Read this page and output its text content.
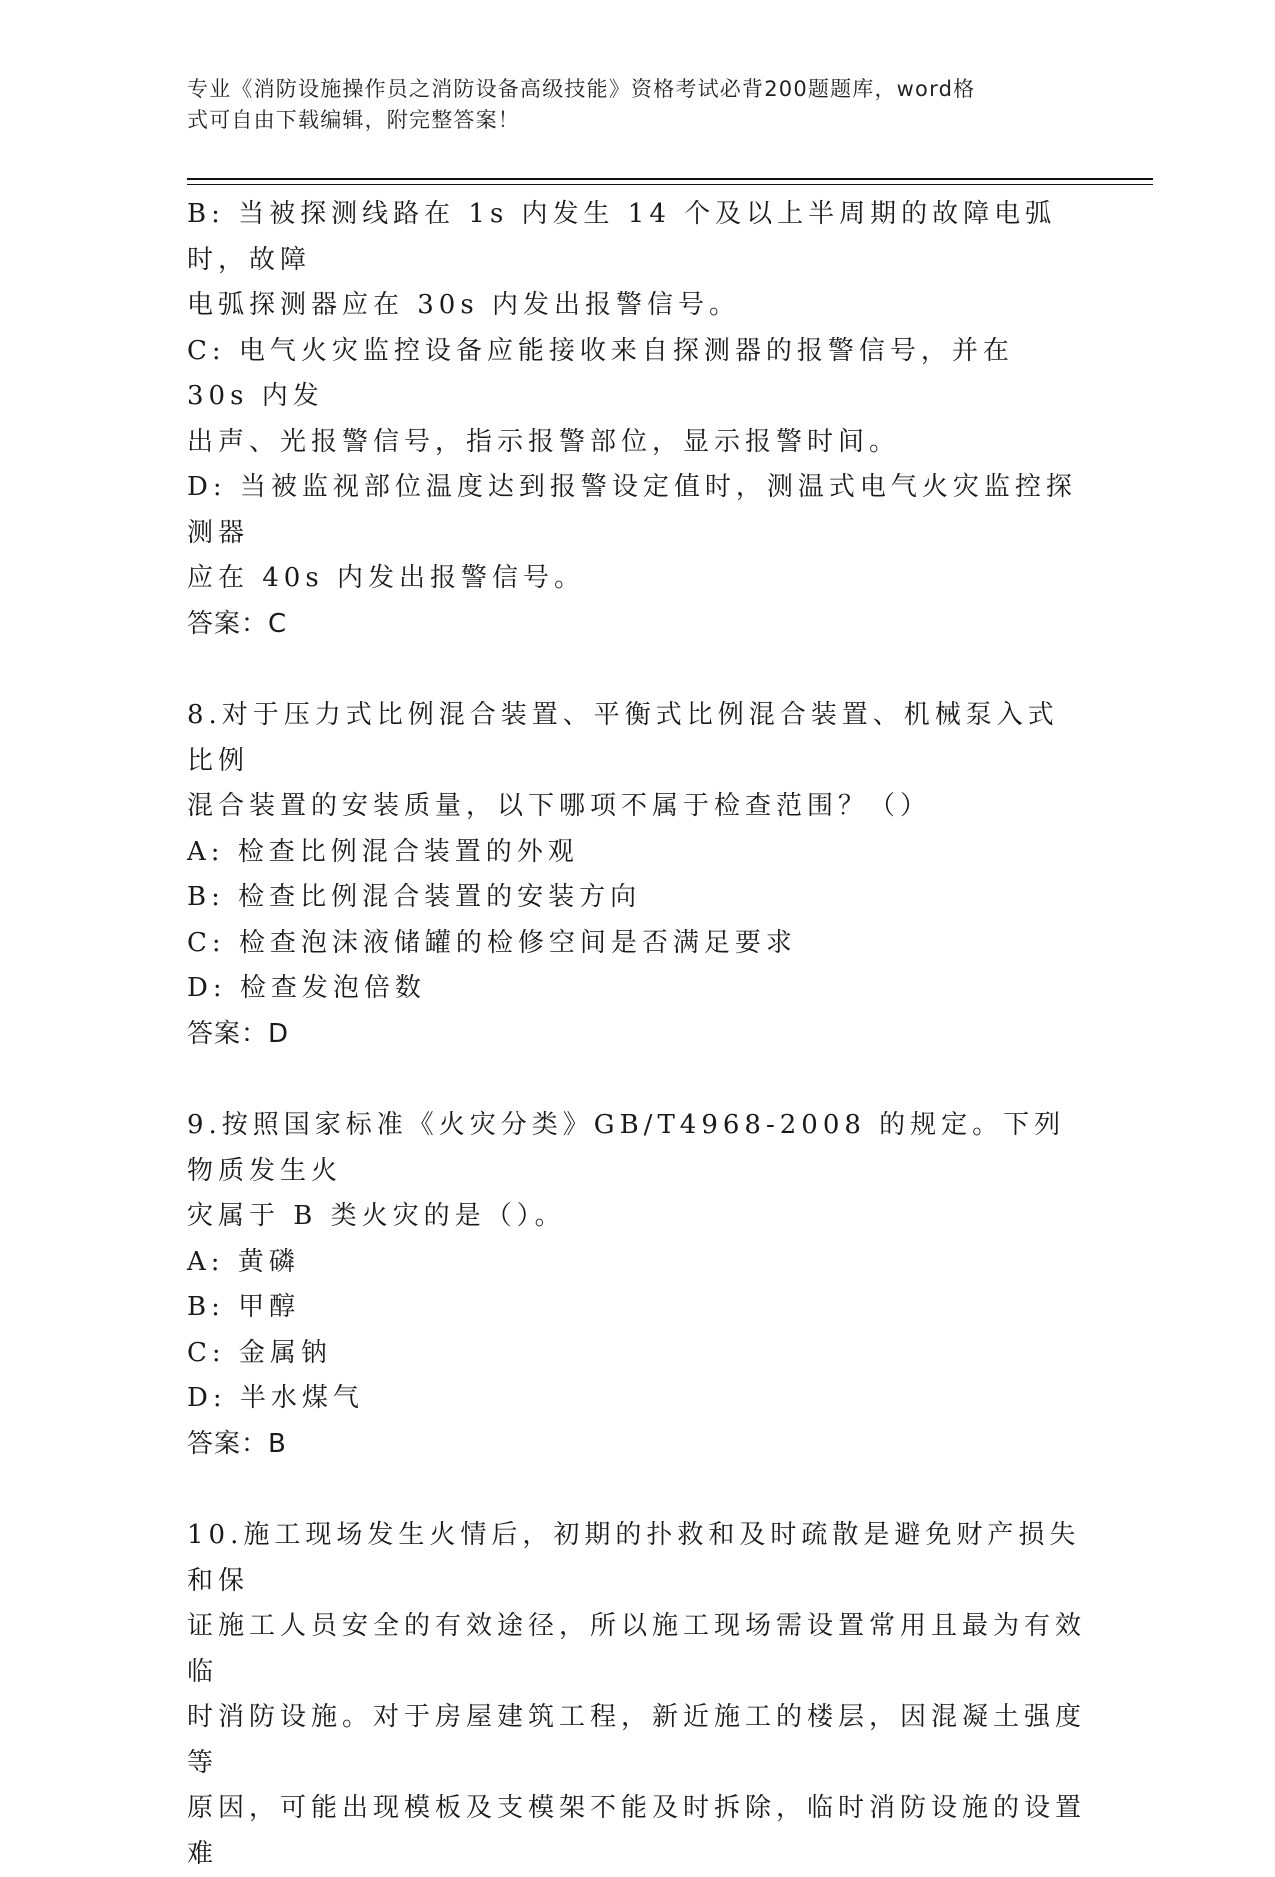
专业《消防设施操作员之消防设备高级技能》资格考试必背200题题库，word格
式可自由下载编辑，附完整答案！

B: 当被探测线路在 1s 内发生 14 个及以上半周期的故障电弧时，故障

电弧探测器应在 30s 内发出报警信号。

C: 电气火灾监控设备应能接收来自探测器的报警信号，并在 30s 内发

出声、光报警信号，指示报警部位，显示报警时间。

D: 当被监视部位温度达到报警设定值时，测温式电气火灾监控探测器

应在 40s 内发出报警信号。

答案：C

8.对于压力式比例混合装置、平衡式比例混合装置、机械泵入式比例

混合装置的安装质量，以下哪项不属于检查范围？（）

A: 检查比例混合装置的外观

B: 检查比例混合装置的安装方向

C: 检查泡沫液储罐的检修空间是否满足要求

D: 检查发泡倍数

答案：D

9.按照国家标准《火灾分类》GB/T4968-2008 的规定。下列物质发生火

灾属于 B 类火灾的是（）。

A: 黄磷

B: 甲醇

C: 金属钠

D: 半水煤气

答案：B

10.施工现场发生火情后，初期的扑救和及时疏散是避免财产损失和保

证施工人员安全的有效途径，所以施工现场需设置常用且最为有效临

时消防设施。对于房屋建筑工程，新近施工的楼层，因混凝土强度等

原因，可能出现模板及支模架不能及时拆除，临时消防设施的设置难
